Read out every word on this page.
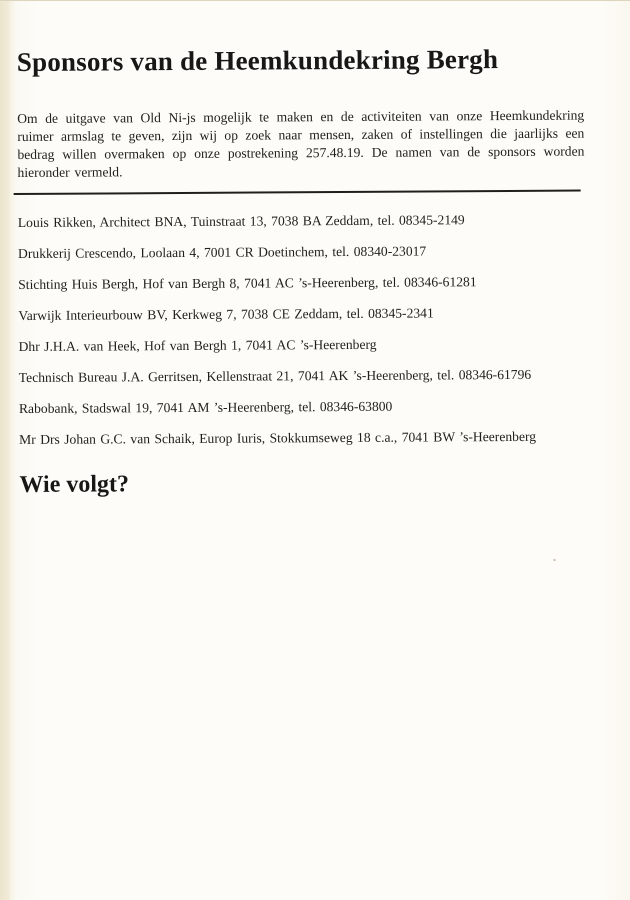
Sponsors van de Heemkundekring Bergh

Om de uitgave van Old Ni-js mogelijk te maken en de activiteiten van onze Heemkundekring ruimer armslag te geven, zijn wij op zoek naar mensen, zaken of instellingen die jaarlijks een bedrag willen overmaken op onze postrekening 257.48.19. De namen van de sponsors worden hieronder vermeld.

Louis Rikken, Architect BNA, Tuinstraat 13, 7038 BA Zeddam, tel. 08345-2149

Drukkerij Crescendo, Loolaan 4, 7001 CR Doetinchem, tel. 08340-23017

Stichting Huis Bergh, Hof van Bergh 8, 7041 AC ’s-Heerenberg, tel. 08346-61281

Varwijk Interieurbouw BV, Kerkweg 7, 7038 CE Zeddam, tel. 08345-2341

Dhr J.H.A. van Heek, Hof van Bergh 1, 7041 AC ’s-Heerenberg

Technisch Bureau J.A. Gerritsen, Kellenstraat 21, 7041 AK ’s-Heerenberg, tel. 08346-61796

Rabobank, Stadswal 19, 7041 AM ’s-Heerenberg, tel. 08346-63800

Mr Drs Johan G.C. van Schaik, Europ Iuris, Stokkumseweg 18 c.a., 7041 BW ’s-Heerenberg

Wie volgt?
